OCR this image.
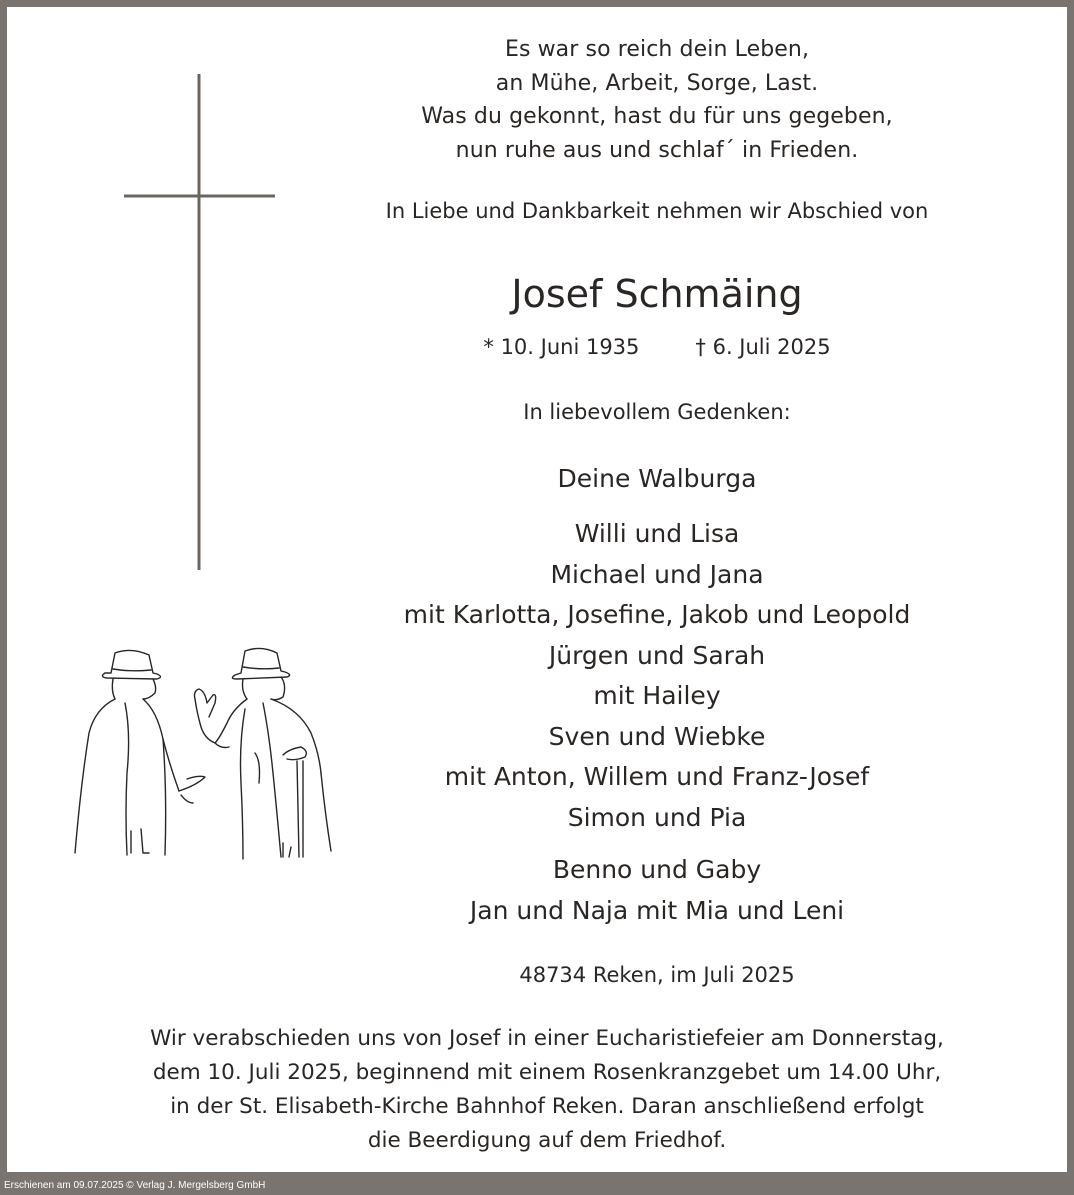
Es war so reich dein Leben,
an Mühe, Arbeit, Sorge, Last.
Was du gekonnt, hast du für uns gegeben,
nun ruhe aus und schlaf´ in Frieden.
In Liebe und Dankbarkeit nehmen wir Abschied von
Josef Schmäing
* 10. Juni 1935	† 6. Juli 2025
In liebevollem Gedenken:
Deine Walburga
Willi und Lisa
Michael und Jana
mit Karlotta, Josefine, Jakob und Leopold
Jürgen und Sarah
mit Hailey
Sven und Wiebke
mit Anton, Willem und Franz-Josef
Simon und Pia
Benno und Gaby
Jan und Naja mit Mia und Leni
48734 Reken, im Juli 2025
Wir verabschieden uns von Josef in einer Eucharistiefeier am Donnerstag,
dem 10. Juli 2025, beginnend mit einem Rosenkranzgebet um 14.00 Uhr,
in der St. Elisabeth-Kirche Bahnhof Reken. Daran anschließend erfolgt
die Beerdigung auf dem Friedhof.
Erschienen am 09.07.2025 © Verlag J. Mergelsberg GmbH
